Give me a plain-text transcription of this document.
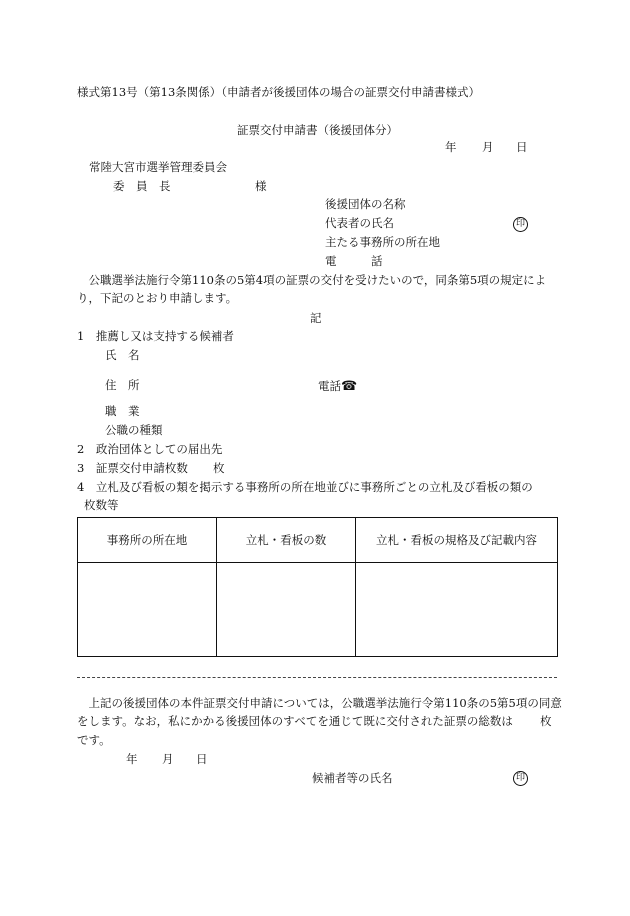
様式第13号（第13条関係）（申請者が後援団体の場合の証票交付申請書様式）
証票交付申請書（後援団体分）
年 月 日
常陸大宮市選挙管理委員会
委　員　長	様
後援団体の名称
代表者の氏名	印
主たる事務所の所在地
電　　　話
　公職選挙法施行令第110条の5第4項の証票の交付を受けたいので，同条第5項の規定によ
り，下記のとおり申請します。
記
1　推薦し又は支持する候補者
氏　名
住　所	電話☎
職　業
公職の種類
2　政治団体としての届出先
3　証票交付申請枚数 枚
4　立札及び看板の類を掲示する事務所の所在地並びに事務所ごとの立札及び看板の類の
枚数等
事務所の所在地	立札・看板の数	立札・看板の規格及び記載内容

　上記の後援団体の本件証票交付申請については，公職選挙法施行令第110条の5第5項の同意
をします。なお，私にかかる後援団体のすべてを通じて既に交付された証票の総数は 枚
です。
年 月 日
候補者等の氏名	印
